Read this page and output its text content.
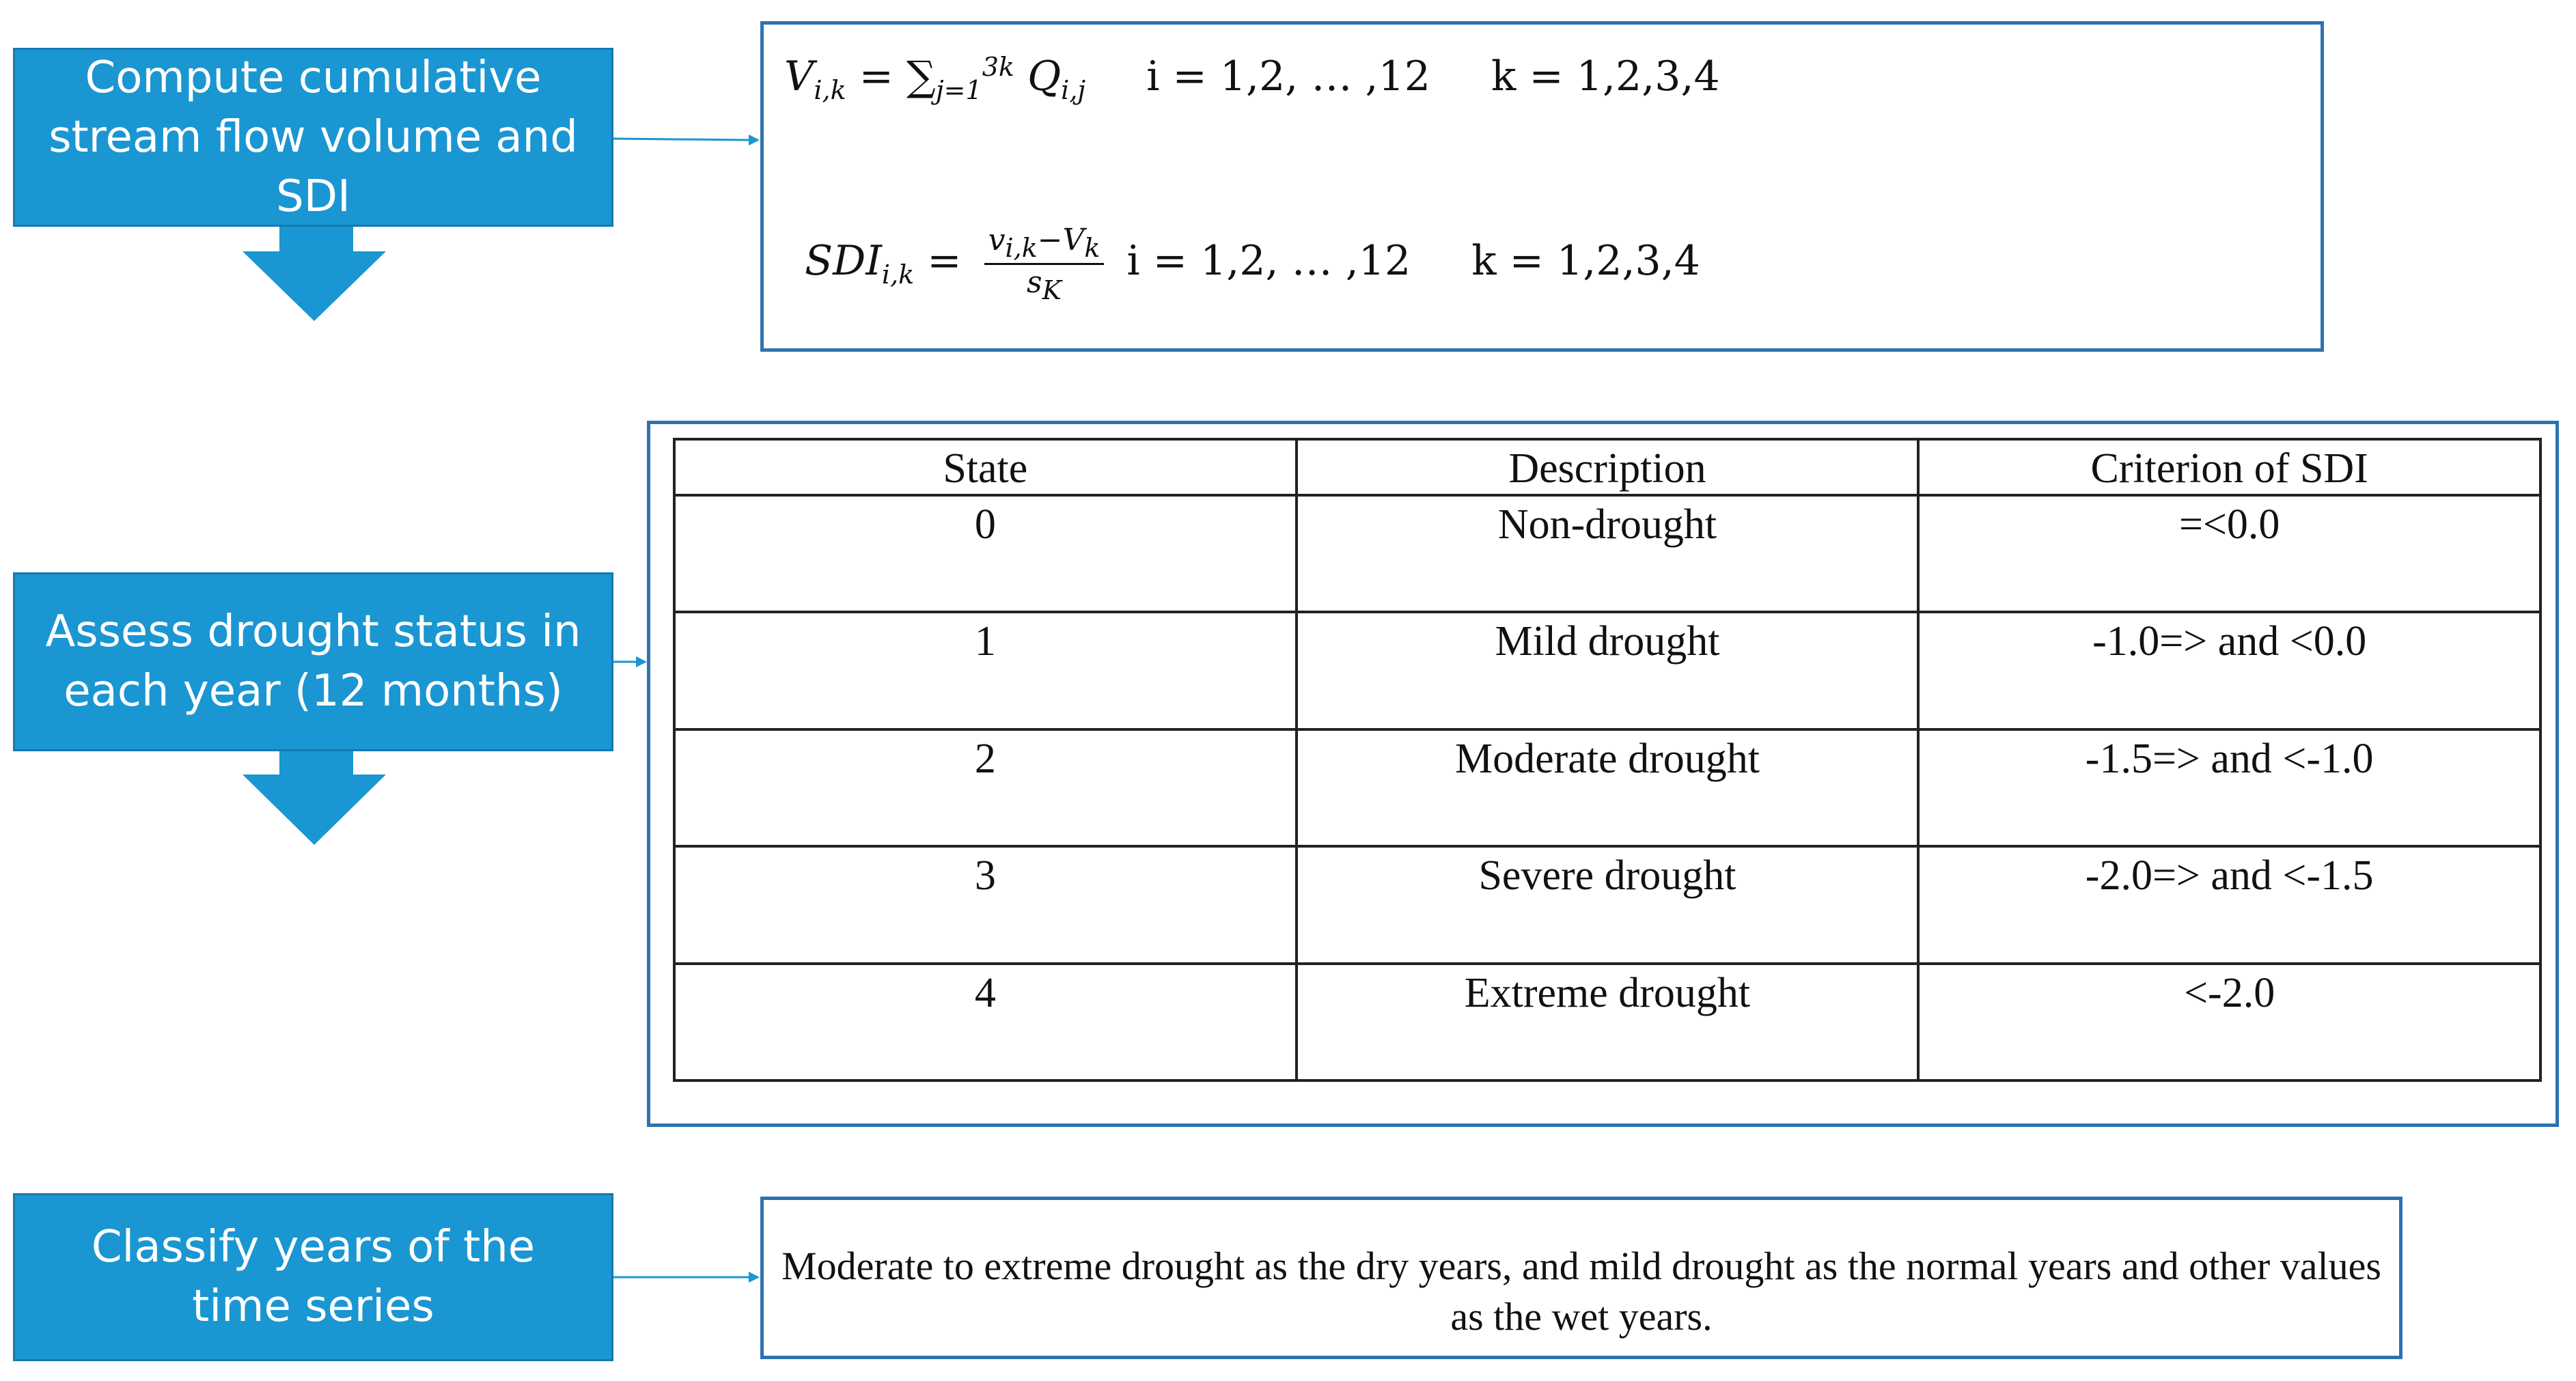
Compute cumulative stream flow volume and SDI
Assess drought status in each year (12 months)
Classify years of the time series
$V_{i,k} = \sum_{j=1}^{3k}$ $Q_{i,j}$ i = 1,2, … ,12 k = 1,2,3,4
$SDI_{i,k} = \frac{v_{i,k}-V_k}{s_K}$ i = 1,2, … ,12 k = 1,2,3,4
State	Description	Criterion of SDI
0	Non-drought	=<0.0
1	Mild drought	-1.0=> and <0.0
2	Moderate drought	-1.5=> and <-1.0
3	Severe drought	-2.0=> and <-1.5
4	Extreme drought	<-2.0

Moderate to extreme drought as the dry years, and mild drought as the normal years and other values as the wet years.
